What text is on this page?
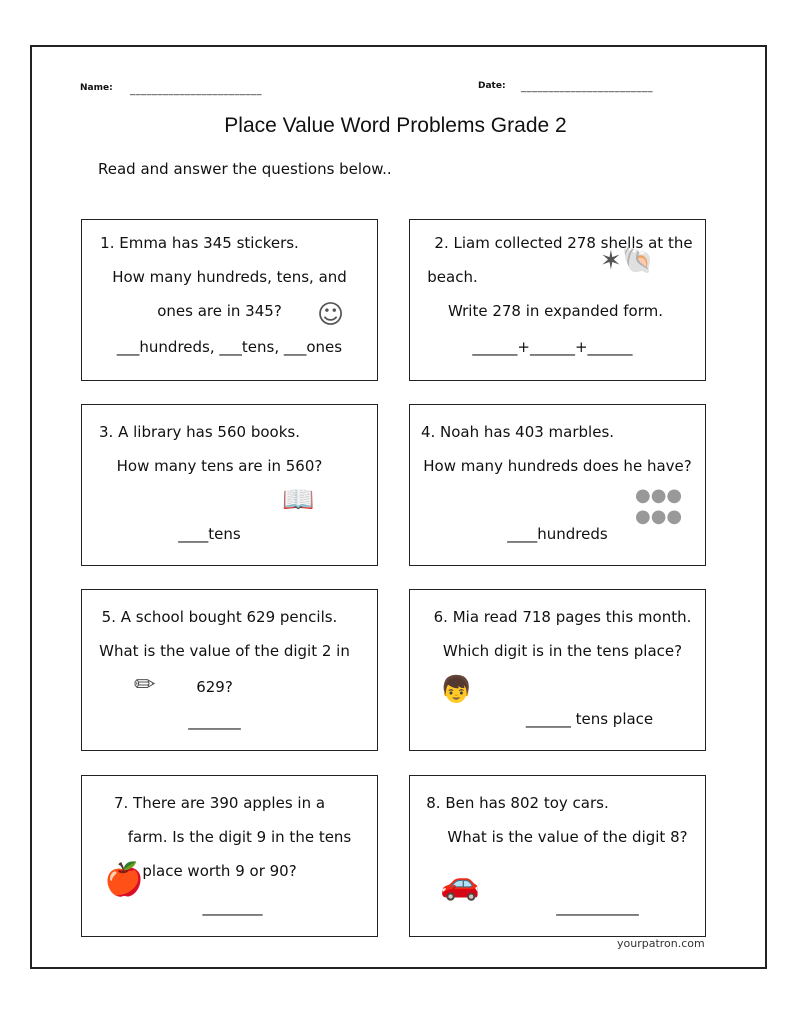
Name: ________________________	Date: ________________________
Place Value Word Problems Grade 2
Read and answer the questions below..
1. Emma has 345 stickers.
How many hundreds, tens, and
ones are in 345?
___hundreds, ___tens, ___ones
☺
2. Liam collected 278 shells at the
beach.
Write 278 in expanded form.
______+______+______
✶🐚
3. A library has 560 books.
How many tens are in 560?
____tens
📖
4. Noah has 403 marbles.
How many hundreds does he have?
____hundreds
●●●
●●●
5. A school bought 629 pencils.
What is the value of the digit 2 in
629?
_______
✏
6. Mia read 718 pages this month.
Which digit is in the tens place?
______ tens place
👦
7. There are 390 apples in a
farm. Is the digit 9 in the tens
place worth 9 or 90?
________
🍎
8. Ben has 802 toy cars.
What is the value of the digit 8?
___________
🚗
yourpatron.com
